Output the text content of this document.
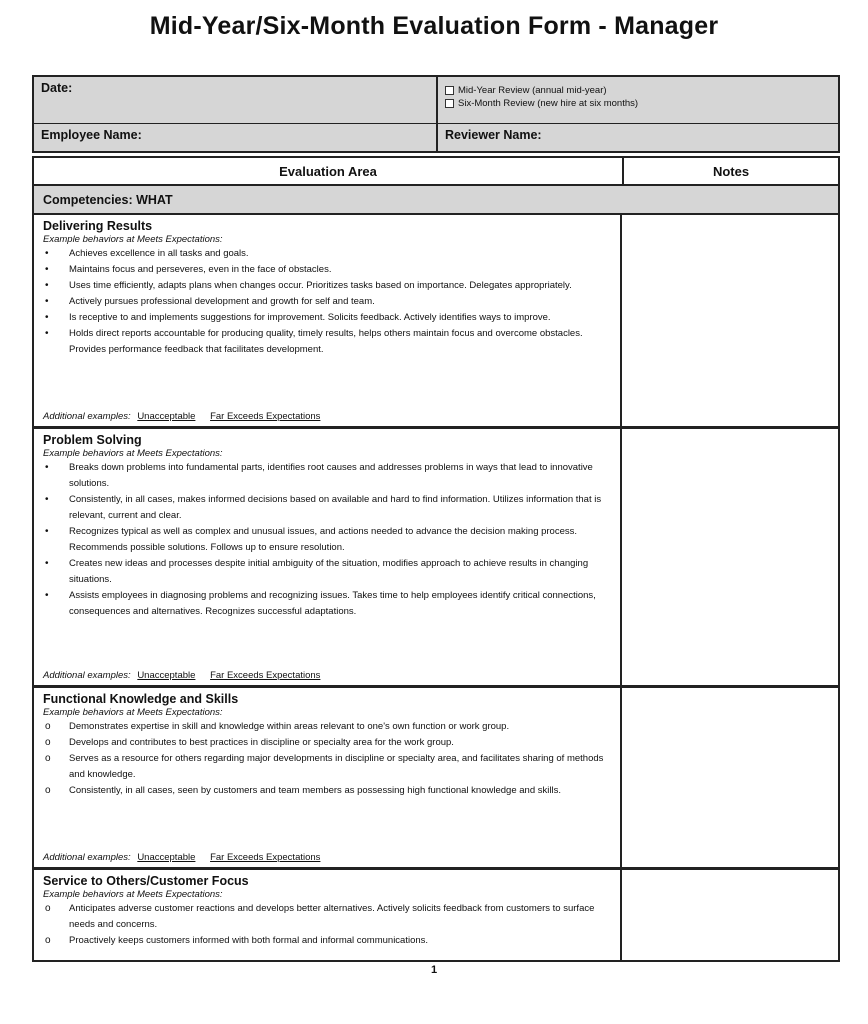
Mid-Year/Six-Month Evaluation Form - Manager
Date:	Mid-Year Review (annual mid-year)
Six-Month Review (new hire at six months)
Employee Name:	Reviewer Name:
Evaluation Area	Notes
Competencies: WHAT
Delivering Results
Example behaviors at Meets Expectations:
•	Achieves excellence in all tasks and goals.
•	Maintains focus and perseveres, even in the face of obstacles.
•	Uses time efficiently, adapts plans when changes occur. Prioritizes tasks based on importance. Delegates appropriately.
•	Actively pursues professional development and growth for self and team.
•	Is receptive to and implements suggestions for improvement. Solicits feedback. Actively identifies ways to improve.
•	Holds direct reports accountable for producing quality, timely results, helps others maintain focus and overcome obstacles. Provides performance feedback that facilitates development.
Additional examples: Unacceptable Far Exceeds Expectations
Problem Solving
Example behaviors at Meets Expectations:
•	Breaks down problems into fundamental parts, identifies root causes and addresses problems in ways that lead to innovative solutions.
•	Consistently, in all cases, makes informed decisions based on available and hard to find information. Utilizes information that is relevant, current and clear.
•	Recognizes typical as well as complex and unusual issues, and actions needed to advance the decision making process. Recommends possible solutions. Follows up to ensure resolution.
•	Creates new ideas and processes despite initial ambiguity of the situation, modifies approach to achieve results in changing situations.
•	Assists employees in diagnosing problems and recognizing issues. Takes time to help employees identify critical connections, consequences and alternatives. Recognizes successful adaptations.
Additional examples: Unacceptable Far Exceeds Expectations
Functional Knowledge and Skills
Example behaviors at Meets Expectations:
o	Demonstrates expertise in skill and knowledge within areas relevant to one's own function or work group.
o	Develops and contributes to best practices in discipline or specialty area for the work group.
o	Serves as a resource for others regarding major developments in discipline or specialty area, and facilitates sharing of methods and knowledge.
o	Consistently, in all cases, seen by customers and team members as possessing high functional knowledge and skills.
Additional examples: Unacceptable Far Exceeds Expectations
Service to Others/Customer Focus
Example behaviors at Meets Expectations:
o	Anticipates adverse customer reactions and develops better alternatives. Actively solicits feedback from customers to surface needs and concerns.
o	Proactively keeps customers informed with both formal and informal communications.
1
